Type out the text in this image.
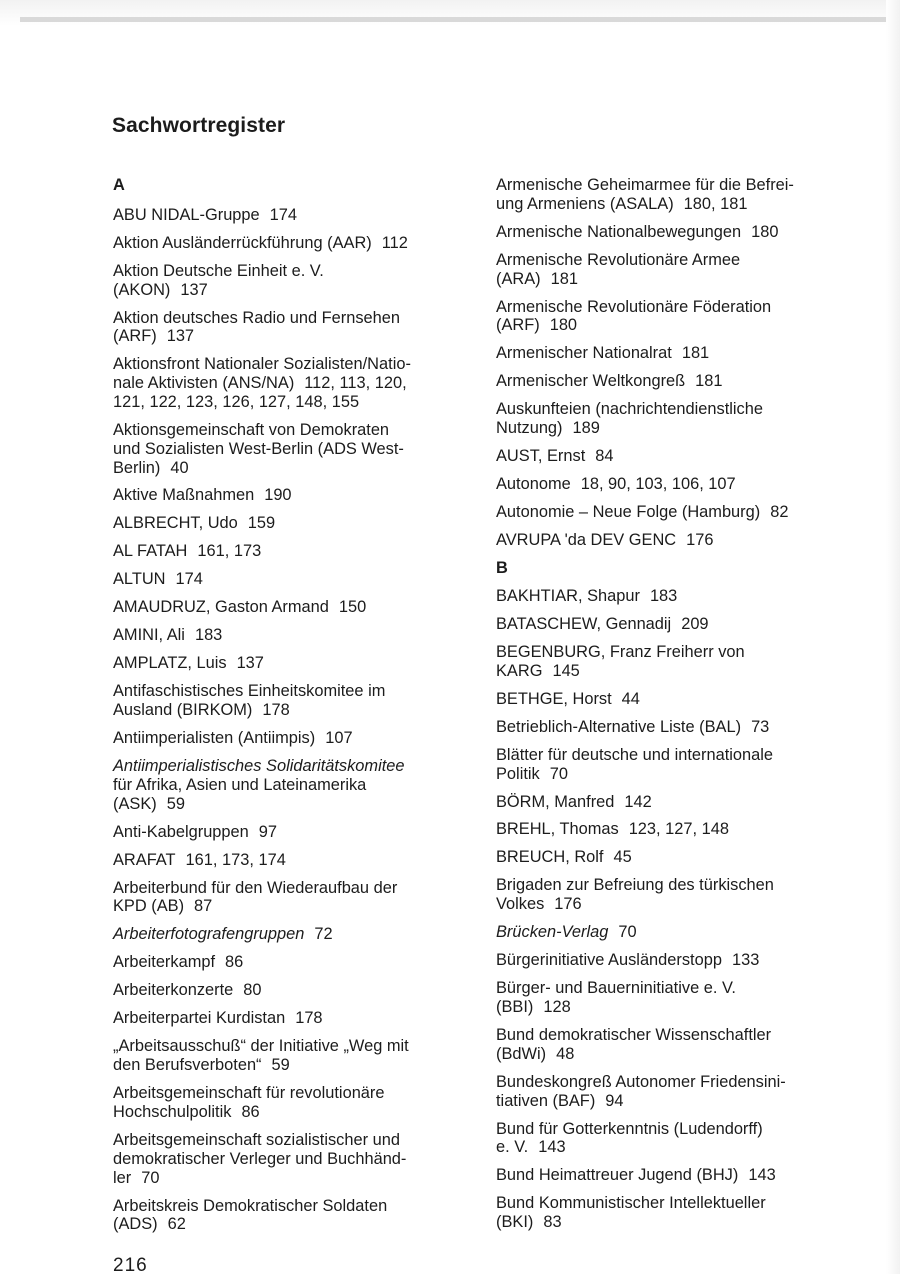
Sachwortregister
A
ABU NIDAL-Gruppe 174
Aktion Ausländerrückführung (AAR) 112
Aktion Deutsche Einheit e. V.
(AKON) 137
Aktion deutsches Radio und Fernsehen
(ARF) 137
Aktionsfront Nationaler Sozialisten/Natio-
nale Aktivisten (ANS/NA) 112, 113, 120,
121, 122, 123, 126, 127, 148, 155
Aktionsgemeinschaft von Demokraten
und Sozialisten West-Berlin (ADS West-
Berlin) 40
Aktive Maßnahmen 190
ALBRECHT, Udo 159
AL FATAH 161, 173
ALTUN 174
AMAUDRUZ, Gaston Armand 150
AMINI, Ali 183
AMPLATZ, Luis 137
Antifaschistisches Einheitskomitee im
Ausland (BIRKOM) 178
Antiimperialisten (Antiimpis) 107
Antiimperialistisches Solidaritätskomitee
für Afrika, Asien und Lateinamerika
(ASK) 59
Anti-Kabelgruppen 97
ARAFAT 161, 173, 174
Arbeiterbund für den Wiederaufbau der
KPD (AB) 87
Arbeiterfotografengruppen 72
Arbeiterkampf 86
Arbeiterkonzerte 80
Arbeiterpartei Kurdistan 178
„Arbeitsausschuß“ der Initiative „Weg mit
den Berufsverboten“ 59
Arbeitsgemeinschaft für revolutionäre
Hochschulpolitik 86
Arbeitsgemeinschaft sozialistischer und
demokratischer Verleger und Buchhänd-
ler 70
Arbeitskreis Demokratischer Soldaten
(ADS) 62
Armenische Geheimarmee für die Befrei-
ung Armeniens (ASALA) 180, 181
Armenische Nationalbewegungen 180
Armenische Revolutionäre Armee
(ARA) 181
Armenische Revolutionäre Föderation
(ARF) 180
Armenischer Nationalrat 181
Armenischer Weltkongreß 181
Auskunfteien (nachrichtendienstliche
Nutzung) 189
AUST, Ernst 84
Autonome 18, 90, 103, 106, 107
Autonomie – Neue Folge (Hamburg) 82
AVRUPA 'da DEV GENC 176
B
BAKHTIAR, Shapur 183
BATASCHEW, Gennadij 209
BEGENBURG, Franz Freiherr von
KARG 145
BETHGE, Horst 44
Betrieblich-Alternative Liste (BAL) 73
Blätter für deutsche und internationale
Politik 70
BÖRM, Manfred 142
BREHL, Thomas 123, 127, 148
BREUCH, Rolf 45
Brigaden zur Befreiung des türkischen
Volkes 176
Brücken-Verlag 70
Bürgerinitiative Ausländerstopp 133
Bürger- und Bauerninitiative e. V.
(BBI) 128
Bund demokratischer Wissenschaftler
(BdWi) 48
Bundeskongreß Autonomer Friedensini-
tiativen (BAF) 94
Bund für Gotterkenntnis (Ludendorff)
e. V. 143
Bund Heimattreuer Jugend (BHJ) 143
Bund Kommunistischer Intellektueller
(BKI) 83
216
